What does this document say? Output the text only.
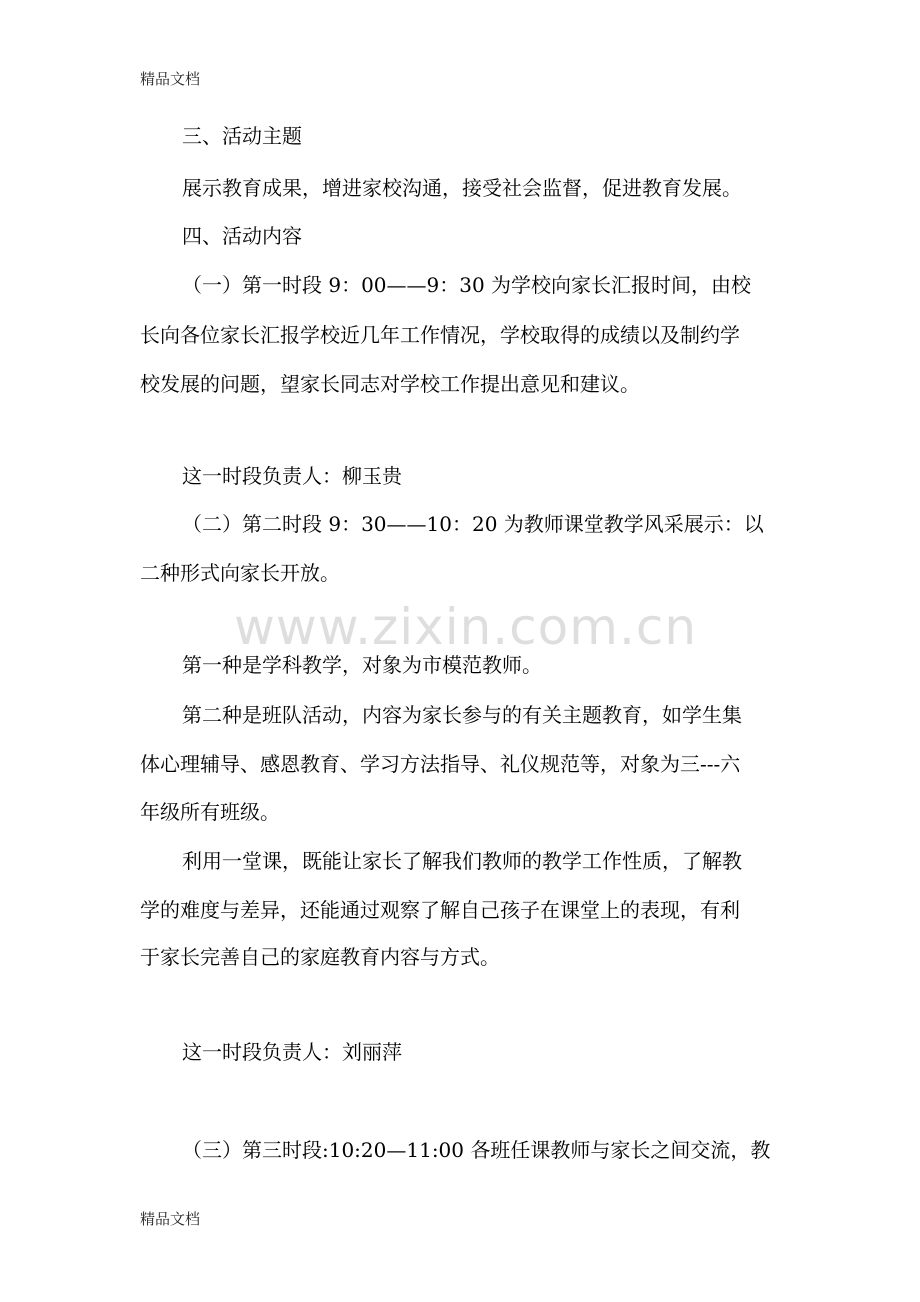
精品文档
三、活动主题
展示教育成果，增进家校沟通，接受社会监督，促进教育发展。
四、活动内容
（一）第一时段 9：00——9：30 为学校向家长汇报时间，由校
长向各位家长汇报学校近几年工作情况，学校取得的成绩以及制约学
校发展的问题，望家长同志对学校工作提出意见和建议。
这一时段负责人：柳玉贵
（二）第二时段 9：30——10：20 为教师课堂教学风采展示：以
二种形式向家长开放。
www.zixin.com.cn
第一种是学科教学，对象为市模范教师。
第二种是班队活动，内容为家长参与的有关主题教育，如学生集
体心理辅导、感恩教育、学习方法指导、礼仪规范等，对象为三---六
年级所有班级。
利用一堂课，既能让家长了解我们教师的教学工作性质，了解教
学的难度与差异，还能通过观察了解自己孩子在课堂上的表现，有利
于家长完善自己的家庭教育内容与方式。
这一时段负责人：刘丽萍
（三）第三时段:10:20—11:00 各班任课教师与家长之间交流，教
精品文档
